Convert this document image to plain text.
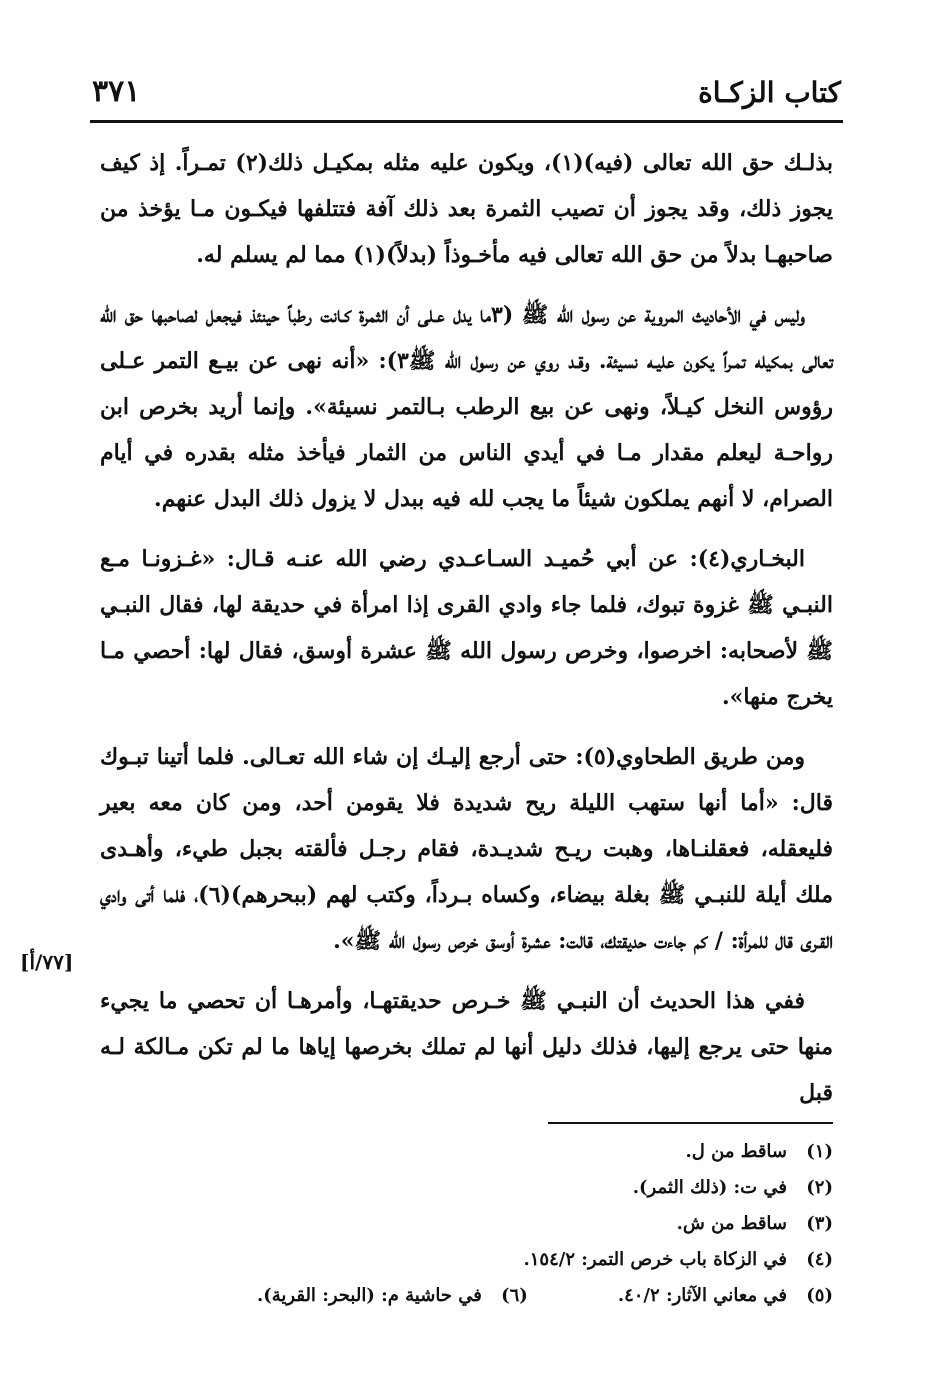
كتاب الزكـاة
٣٧١

بذلـك حق الله تعالى (فيه)(١)، ويكون عليه مثله بمكيـل ذلك(٢) تمـراً. إذ كيف يجوز ذلك، وقد يجوز أن تصيب الثمرة بعد ذلك آفة فتتلفها فيكـون مـا يؤخذ من صاحبهـا بدلاً من حق الله تعالى فيه مأخـوذاً (بدلاً)(١) مما لم يسلم له.

وليس في الأحاديث المروية عن رسول الله ﷺ (٣ما يدل عـلى أن الثمرة كـانت رطباً حينئذ فيجعل لصاحبها حق الله تعالى بمكيله تمـراً يكون عليـه نسيئة. وقـد روي عن رسول الله ﷺ٣): «أنه نهى عن بيـع التمر عـلى رؤوس النخل كيـلاً، ونهى عن بيع الرطب بـالتمر نسيئة». وإنما أريد بخرص ابن رواحـة ليعلم مقدار مـا في أيدي الناس من الثمار فيأخذ مثله بقدره في أيام الصرام، لا أنهم يملكون شيئاً ما يجب لله فيه ببدل لا يزول ذلك البدل عنهم.

البخـاري(٤): عن أبي حُميـد السـاعـدي رضي الله عنـه قـال: «غـزونـا مـع النبـي ﷺ غزوة تبوك، فلما جاء وادي القرى إذا امرأة في حديقة لها، فقال النبـي ﷺ لأصحابه: اخرصوا، وخرص رسول الله ﷺ عشرة أوسق، فقال لها: أحصي مـا يخرج منها».

ومن طريق الطحاوي(٥): حتى أرجع إليـك إن شاء الله تعـالى. فلما أتينا تبـوك قال: «أما أنها ستهب الليلة ريح شديدة فلا يقومن أحد، ومن كان معه بعير فليعقله، فعقلنـاها، وهبت ريـح شديـدة، فقام رجـل فألقته بجبل طيء، وأهـدى ملك أيلة للنبـي ﷺ بغلة بيضاء، وكساه بـرداً، وكتب لهم (ببحرهم)(٦)، فلما أتى وادي القـرى قال للمرأة: / كم جاءت حديقتك، قالت: عشرة أوسق خرص رسول الله ﷺ».

ففي هذا الحديث أن النبـي ﷺ خـرص حديقتهـا، وأمرهـا أن تحصي ما يجيء منها حتى يرجع إليها، فذلك دليل أنها لم تملك بخرصها إياها ما لم تكن مـالكة لـه قبل

[٧٧/أ]
(١)ساقط من ل.
(٢)في ت: (ذلك الثمر).
(٣)ساقط من ش.
(٤)في الزكاة باب خرص التمر: ١٥٤/٢.
(٥)في معاني الآثار: ٤٠/٢.
(٦)في حاشية م: (البحر: القرية).
